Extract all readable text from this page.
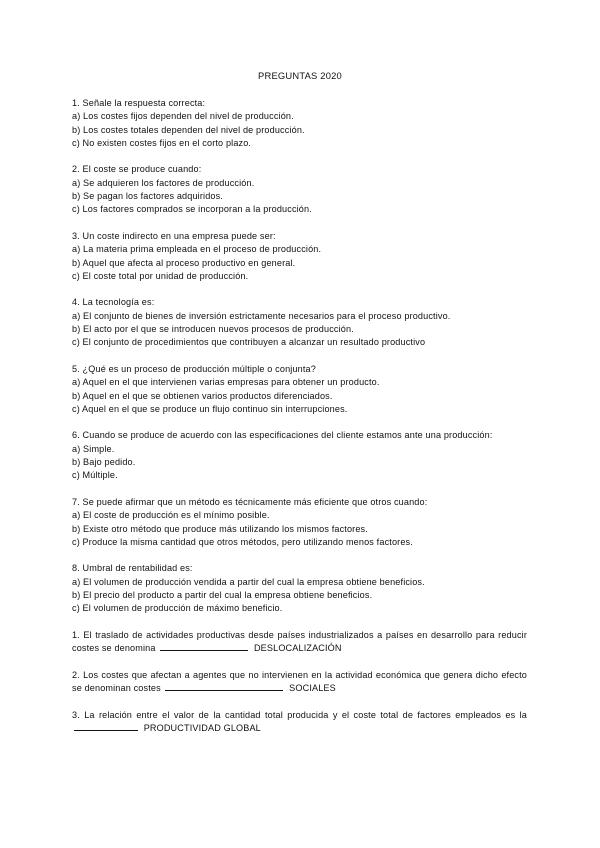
PREGUNTAS 2020
1. Señale la respuesta correcta:
a) Los costes fijos dependen del nivel de producción.
b) Los costes totales dependen del nivel de producción.
c) No existen costes fijos en el corto plazo.
2. El coste se produce cuando:
a) Se adquieren los factores de producción.
b) Se pagan los factores adquiridos.
c) Los factores comprados se incorporan a la producción.
3. Un coste indirecto en una empresa puede ser:
a) La materia prima empleada en el proceso de producción.
b) Aquel que afecta al proceso productivo en general.
c) El coste total por unidad de producción.
4. La tecnología es:
a) El conjunto de bienes de inversión estrictamente necesarios para el proceso productivo.
b) El acto por el que se introducen nuevos procesos de producción.
c) El conjunto de procedimientos que contribuyen a alcanzar un resultado productivo
5. ¿Qué es un proceso de producción múltiple o conjunta?
a) Aquel en el que intervienen varias empresas para obtener un producto.
b) Aquel en el que se obtienen varios productos diferenciados.
c) Aquel en el que se produce un flujo continuo sin interrupciones.
6. Cuando se produce de acuerdo con las especificaciones del cliente estamos ante una producción:
a) Simple.
b) Bajo pedido.
c) Múltiple.
7. Se puede afirmar que un método es técnicamente más eficiente que otros cuando:
a) El coste de producción es el mínimo posible.
b) Existe otro método que produce más utilizando los mismos factores.
c) Produce la misma cantidad que otros métodos, pero utilizando menos factores.
8. Umbral de rentabilidad es:
a) El volumen de producción vendida a partir del cual la empresa obtiene beneficios.
b) El precio del producto a partir del cual la empresa obtiene beneficios.
c) El volumen de producción de máximo beneficio.
1. El traslado de actividades productivas desde países industrializados a países en desarrollo para reducir costes se denomina	DESLOCALIZACIÓN
2. Los costes que afectan a agentes que no intervienen en la actividad económica que genera dicho efecto se denominan costes	SOCIALES
3. La relación entre el valor de la cantidad total producida y el coste total de factores empleados es la  PRODUCTIVIDAD GLOBAL
